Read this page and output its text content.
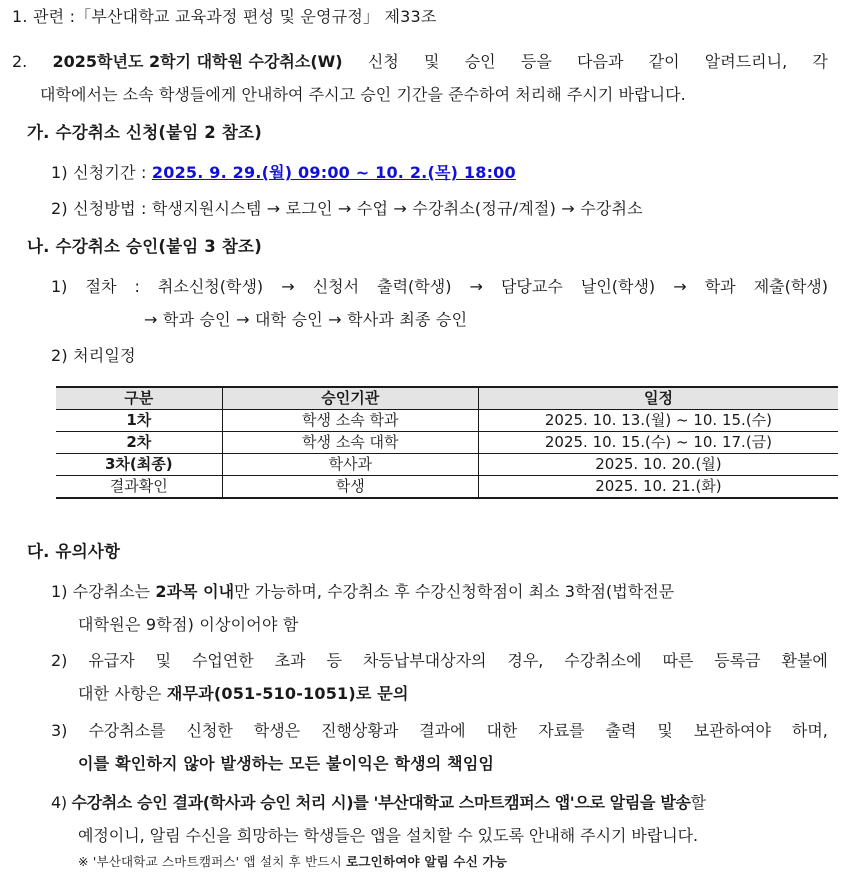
1. 관련 :「부산대학교 교육과정 편성 및 운영규정」 제33조
2. 2025학년도 2학기 대학원 수강취소(W) 신청 및 승인 등을 다음과 같이 알려드리니, 각
대학에서는 소속 학생들에게 안내하여 주시고 승인 기간을 준수하여 처리해 주시기 바랍니다.
가. 수강취소 신청(붙임 2 참조)
1) 신청기간 : 2025. 9. 29.(월) 09:00 ~ 10. 2.(목) 18:00
2) 신청방법 : 학생지원시스템 → 로그인 → 수업 → 수강취소(정규/계절) → 수강취소
나. 수강취소 승인(붙임 3 참조)
1) 절차 : 취소신청(학생) → 신청서 출력(학생) → 담당교수 날인(학생) → 학과 제출(학생)
→ 학과 승인 → 대학 승인 → 학사과 최종 승인
2) 처리일정
구분	승인기관	일정
1차	학생 소속 학과	2025. 10. 13.(월) ~ 10. 15.(수)
2차	학생 소속 대학	2025. 10. 15.(수) ~ 10. 17.(금)
3차(최종)	학사과	2025. 10. 20.(월)
결과확인	학생	2025. 10. 21.(화)
다. 유의사항
1) 수강취소는 2과목 이내만 가능하며, 수강취소 후 수강신청학점이 최소 3학점(법학전문
대학원은 9학점) 이상이어야 함
2) 유급자 및 수업연한 초과 등 차등납부대상자의 경우, 수강취소에 따른 등록금 환불에
대한 사항은 재무과(051-510-1051)로 문의
3) 수강취소를 신청한 학생은 진행상황과 결과에 대한 자료를 출력 및 보관하여야 하며,
이를 확인하지 않아 발생하는 모든 불이익은 학생의 책임임
4) 수강취소 승인 결과(학사과 승인 처리 시)를 '부산대학교 스마트캠퍼스 앱'으로 알림을 발송할
예정이니, 알림 수신을 희망하는 학생들은 앱을 설치할 수 있도록 안내해 주시기 바랍니다.
※ '부산대학교 스마트캠퍼스' 앱 설치 후 반드시 로그인하여야 알림 수신 가능
